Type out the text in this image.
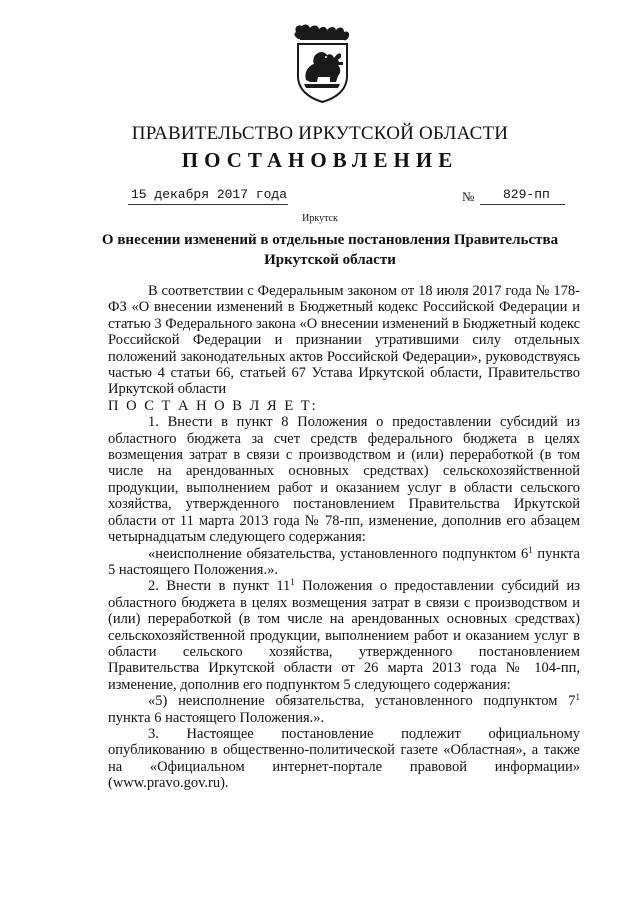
ПРАВИТЕЛЬСТВО ИРКУТСКОЙ ОБЛАСТИ
ПОСТАНОВЛЕНИЕ
15 декабря 2017 года	№ 829-пп
Иркутск
О внесении изменений в отдельные постановления Правительства Иркутской области

В соответствии с Федеральным законом от 18 июля 2017 года № 178-ФЗ «О внесении изменений в Бюджетный кодекс Российской Федерации и статью 3 Федерального закона «О внесении изменений в Бюджетный кодекс Российской Федерации и признании утратившими силу отдельных положений законодательных актов Российской Федерации», руководствуясь частью 4 статьи 66, статьей 67 Устава Иркутской области, Правительство Иркутской области

П О С Т А Н О В Л Я Е Т:

1. Внести в пункт 8 Положения о предоставлении субсидий из областного бюджета за счет средств федерального бюджета в целях возмещения затрат в связи с производством и (или) переработкой (в том числе на арендованных основных средствах) сельскохозяйственной продукции, выполнением работ и оказанием услуг в области сельского хозяйства, утвержденного постановлением Правительства Иркутской области от 11 марта 2013 года № 78-пп, изменение, дополнив его абзацем четырнадцатым следующего содержания:

«неисполнение обязательства, установленного подпунктом $6^1$ пункта 5 настоящего Положения.».

2. Внести в пункт $11^1$ Положения о предоставлении субсидий из областного бюджета в целях возмещения затрат в связи с производством и (или) переработкой (в том числе на арендованных основных средствах) сельскохозяйственной продукции, выполнением работ и оказанием услуг в области сельского хозяйства, утвержденного постановлением Правительства Иркутской области от 26 марта 2013 года № 104-пп, изменение, дополнив его подпунктом 5 следующего содержания:

«5) неисполнение обязательства, установленного подпунктом $7^1$ пункта 6 настоящего Положения.».

3. Настоящее постановление подлежит официальному опубликованию в общественно-политической газете «Областная», а также на «Официальном интернет-портале правовой информации» (www.pravo.gov.ru).
